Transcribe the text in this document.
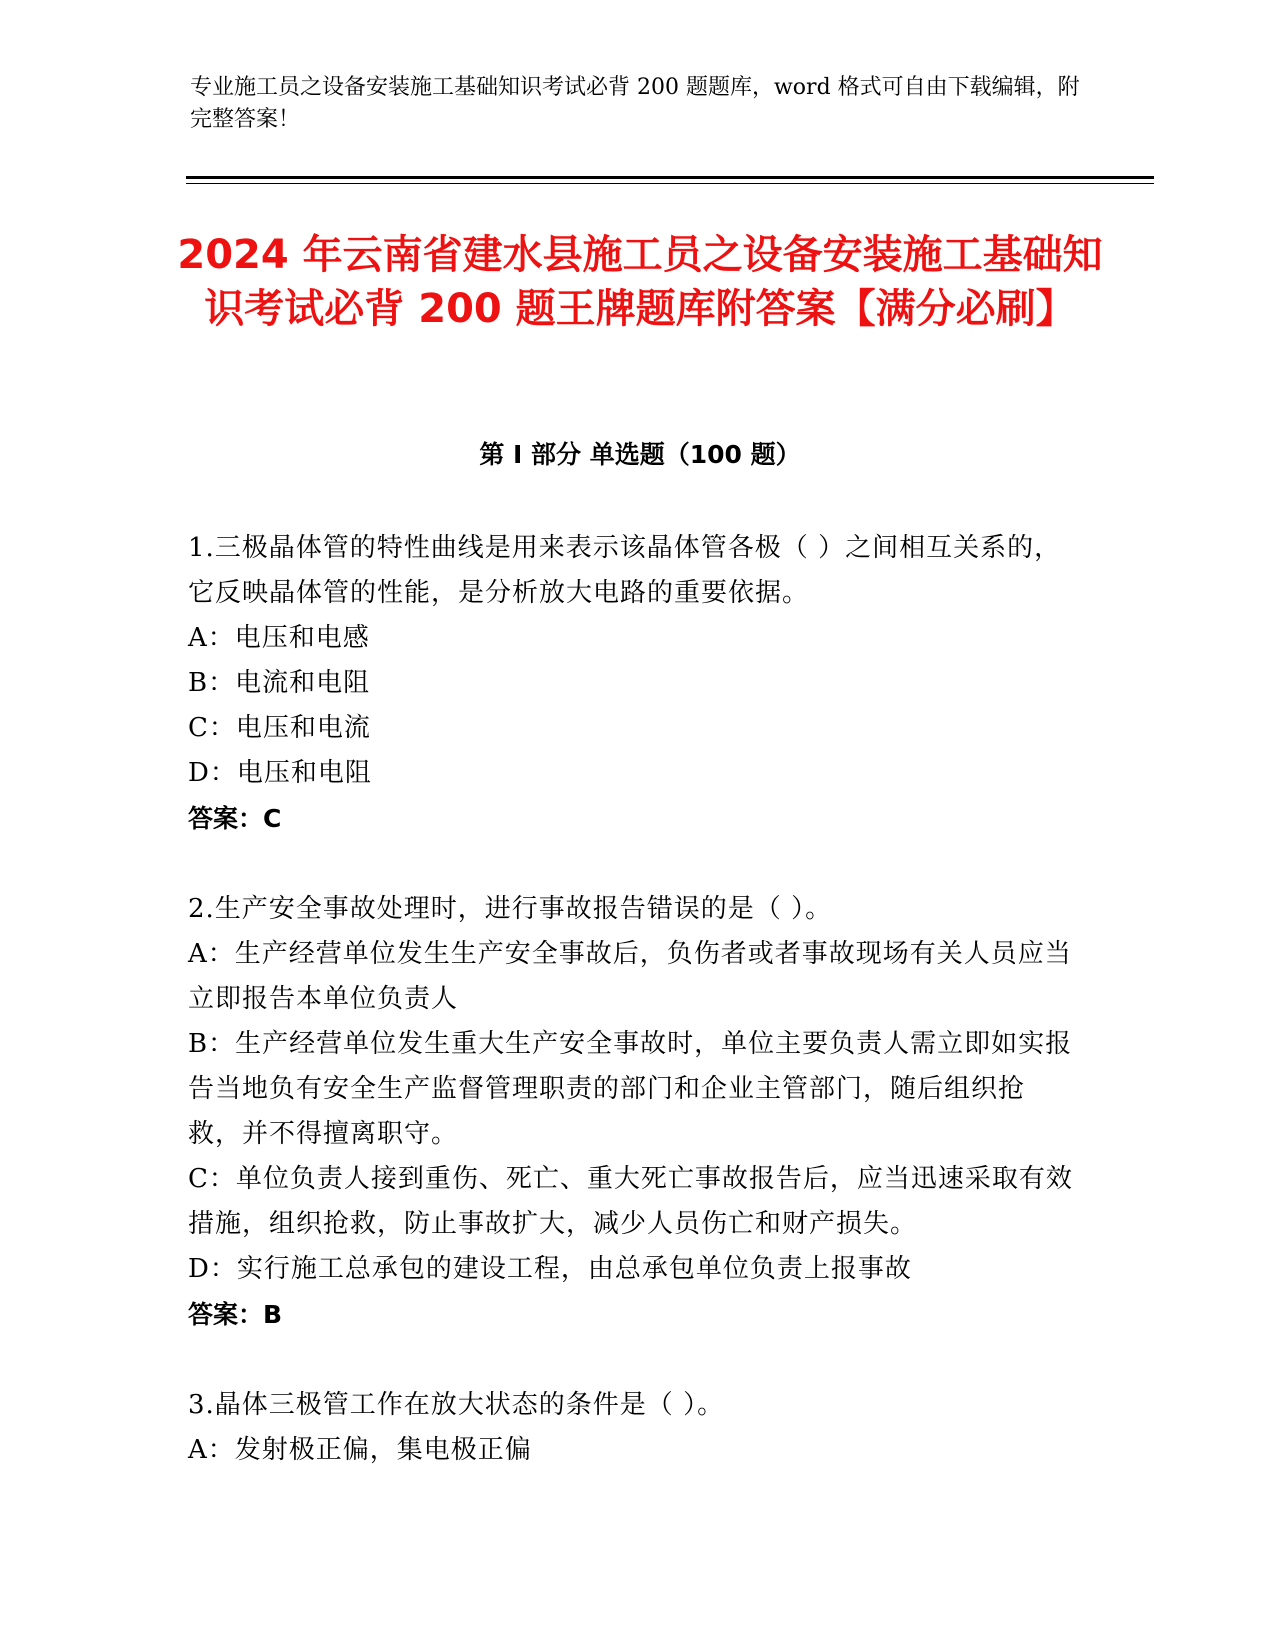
专业施工员之设备安装施工基础知识考试必背 200 题题库，word 格式可自由下载编辑，附完整答案！
2024 年云南省建水县施工员之设备安装施工基础知识考试必背 200 题王牌题库附答案【满分必刷】
第 I 部分 单选题（100 题）
1.三极晶体管的特性曲线是用来表示该晶体管各极（ ）之间相互关系的，它反映晶体管的性能，是分析放大电路的重要依据。
A：电压和电感
B：电流和电阻
C：电压和电流
D：电压和电阻
答案：C
2.生产安全事故处理时，进行事故报告错误的是（ ）。
A：生产经营单位发生生产安全事故后，负伤者或者事故现场有关人员应当立即报告本单位负责人
B：生产经营单位发生重大生产安全事故时，单位主要负责人需立即如实报告当地负有安全生产监督管理职责的部门和企业主管部门，随后组织抢救，并不得擅离职守。
C：单位负责人接到重伤、死亡、重大死亡事故报告后，应当迅速采取有效措施，组织抢救，防止事故扩大，减少人员伤亡和财产损失。
D：实行施工总承包的建设工程，由总承包单位负责上报事故
答案：B
3.晶体三极管工作在放大状态的条件是（ ）。
A：发射极正偏，集电极正偏
